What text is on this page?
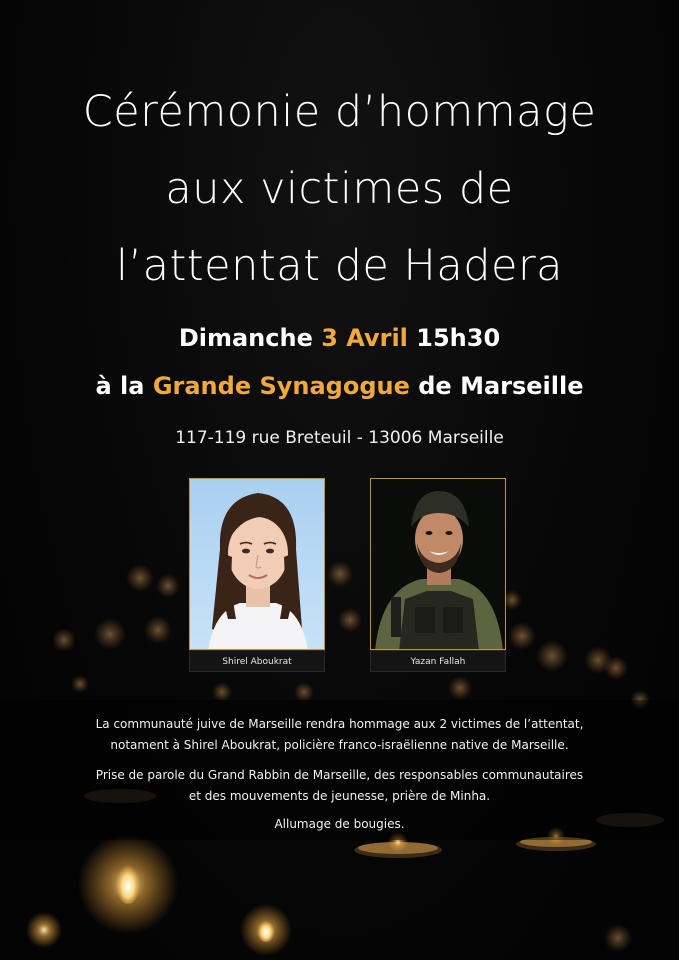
Cérémonie d’hommage
aux victimes de
l’attentat de Hadera
Dimanche 3 Avril 15h30
à la Grande Synagogue de Marseille
117-119 rue Breteuil - 13006 Marseille
Shirel Aboukrat	Yazan Fallah
La communauté juive de Marseille rendra hommage aux 2 victimes de l’attentat,
notament à Shirel Aboukrat, policière franco-israëlienne native de Marseille.
Prise de parole du Grand Rabbin de Marseille, des responsables communautaires
et des mouvements de jeunesse, prière de Minha.
Allumage de bougies.
